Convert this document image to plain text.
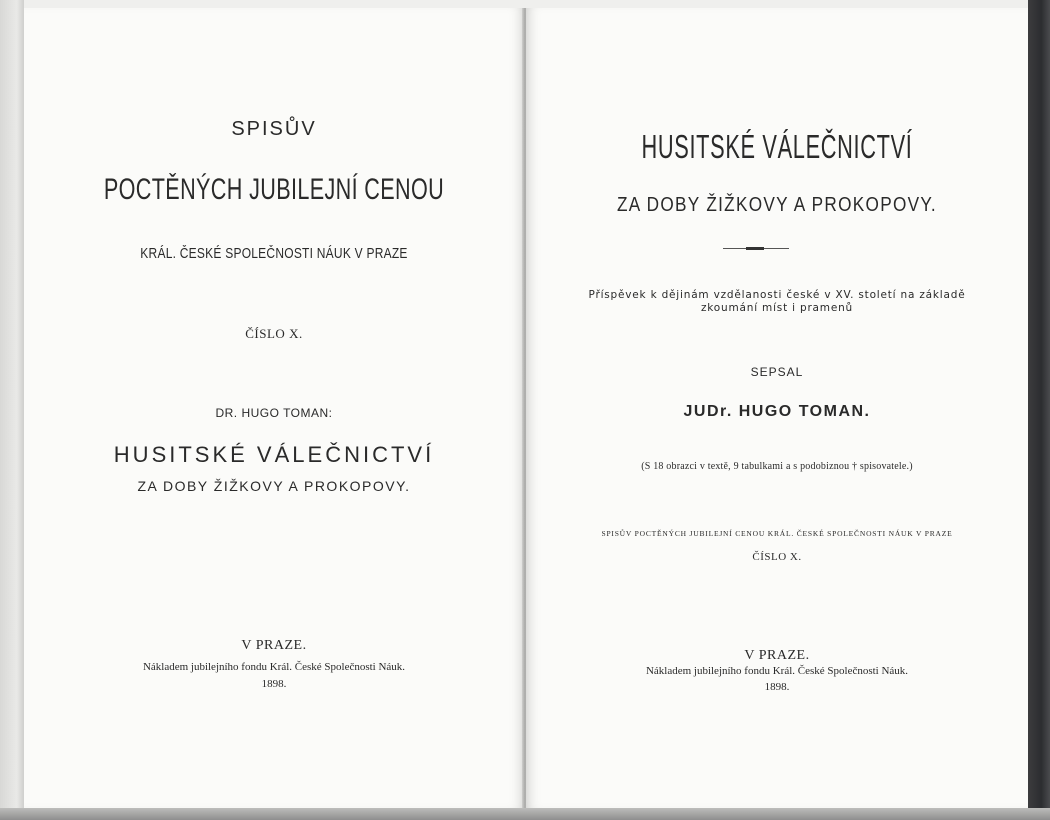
SPISŮV
POCTĚNÝCH JUBILEJNÍ CENOU
KRÁL. ČESKÉ SPOLEČNOSTI NÁUK V PRAZE
ČÍSLO X.
DR. HUGO TOMAN:
HUSITSKÉ VÁLEČNICTVÍ
ZA DOBY ŽIŽKOVY A PROKOPOVY.
V PRAZE.
Nákladem jubilejního fondu Král. České Společnosti Náuk.
1898.
HUSITSKÉ VÁLEČNICTVÍ
ZA DOBY ŽIŽKOVY A PROKOPOVY.
Příspěvek k dějinám vzdělanosti české v XV. století na základě
zkoumání míst i pramenů
SEPSAL
JUDr. HUGO TOMAN.
(S 18 obrazci v textě, 9 tabulkami a s podobiznou † spisovatele.)
SPISŮV POCTĚNÝCH JUBILEJNÍ CENOU KRÁL. ČESKÉ SPOLEČNOSTI NÁUK V PRAZE
ČÍSLO X.
V PRAZE.
Nákladem jubilejního fondu Král. České Společnosti Náuk.
1898.
